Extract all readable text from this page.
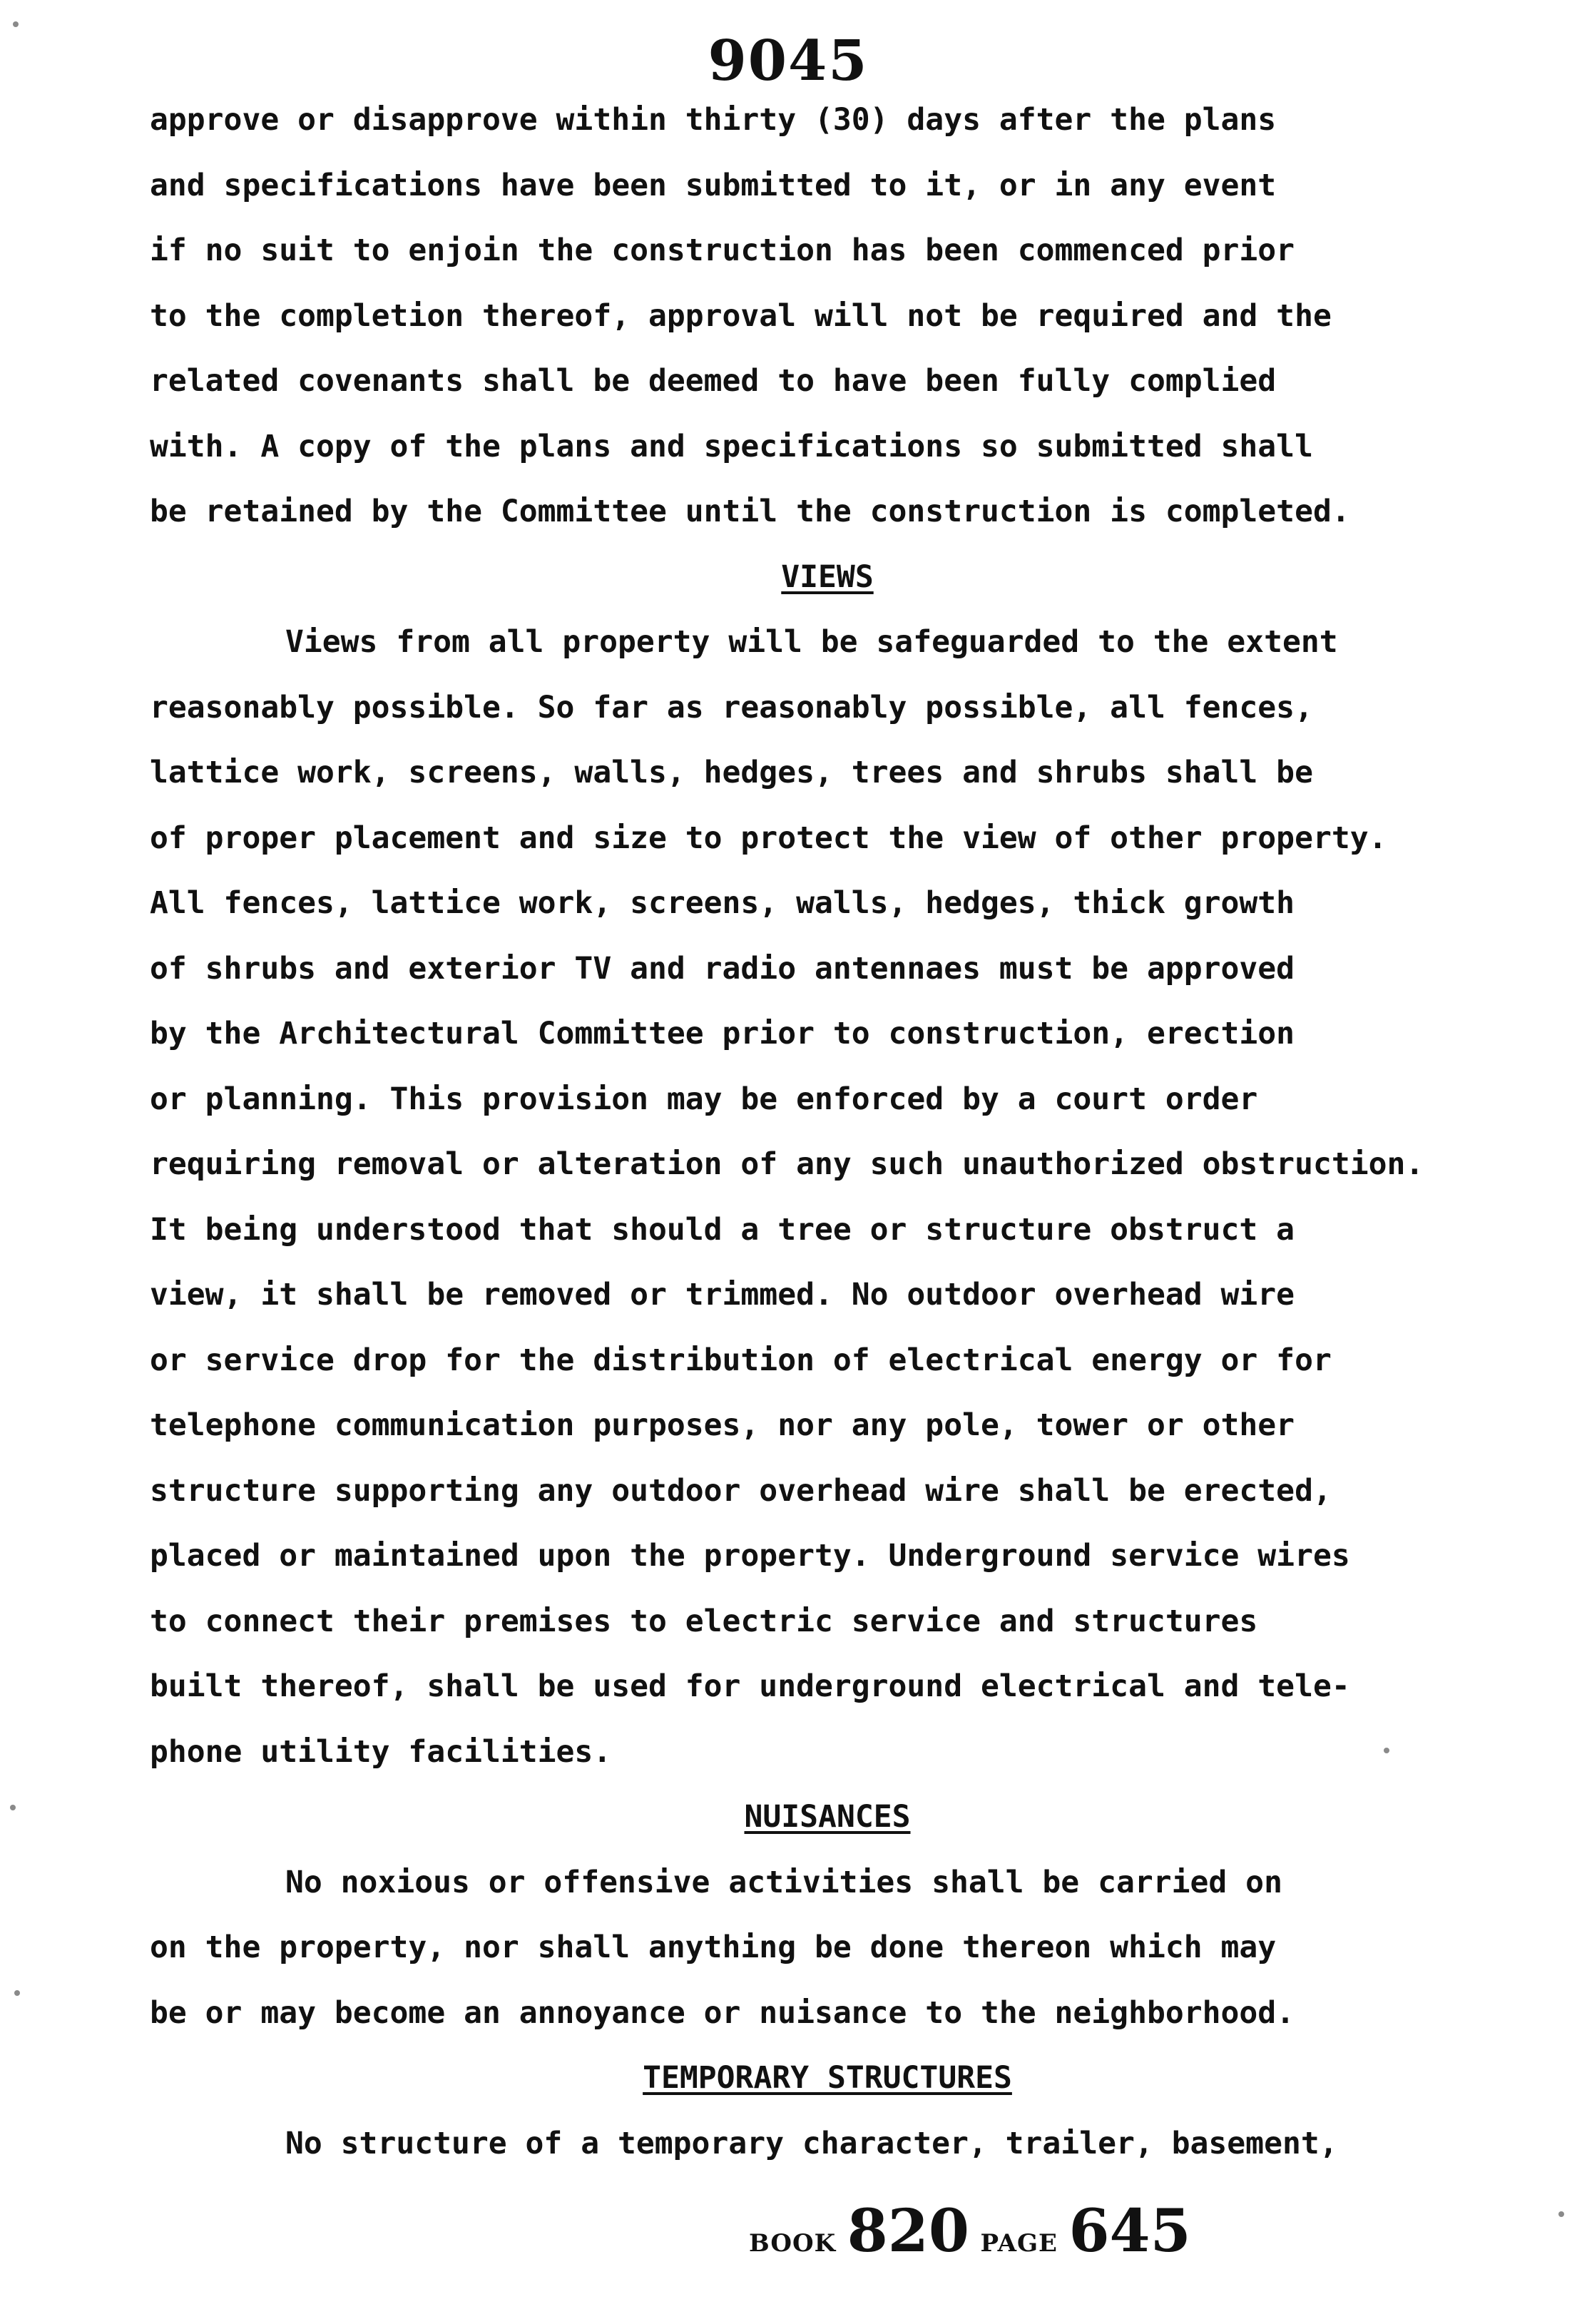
9045
approve or disapprove within thirty (30) days after the plans
and specifications have been submitted to it, or in any event
if no suit to enjoin the construction has been commenced prior
to the completion thereof, approval will not be required and the
related covenants shall be deemed to have been fully complied
with. A copy of the plans and specifications so submitted shall
be retained by the Committee until the construction is completed.
VIEWS
Views from all property will be safeguarded to the extent
reasonably possible. So far as reasonably possible, all fences,
lattice work, screens, walls, hedges, trees and shrubs shall be
of proper placement and size to protect the view of other property.
All fences, lattice work, screens, walls, hedges, thick growth
of shrubs and exterior TV and radio antennaes must be approved
by the Architectural Committee prior to construction, erection
or planning. This provision may be enforced by a court order
requiring removal or alteration of any such unauthorized obstruction.
It being understood that should a tree or structure obstruct a
view, it shall be removed or trimmed. No outdoor overhead wire
or service drop for the distribution of electrical energy or for
telephone communication purposes, nor any pole, tower or other
structure supporting any outdoor overhead wire shall be erected,
placed or maintained upon the property. Underground service wires
to connect their premises to electric service and structures
built thereof, shall be used for underground electrical and tele-
phone utility facilities.
NUISANCES
No noxious or offensive activities shall be carried on
on the property, nor shall anything be done thereon which may
be or may become an annoyance or nuisance to the neighborhood.
TEMPORARY STRUCTURES
No structure of a temporary character, trailer, basement,
BOOK 820 PAGE 645
